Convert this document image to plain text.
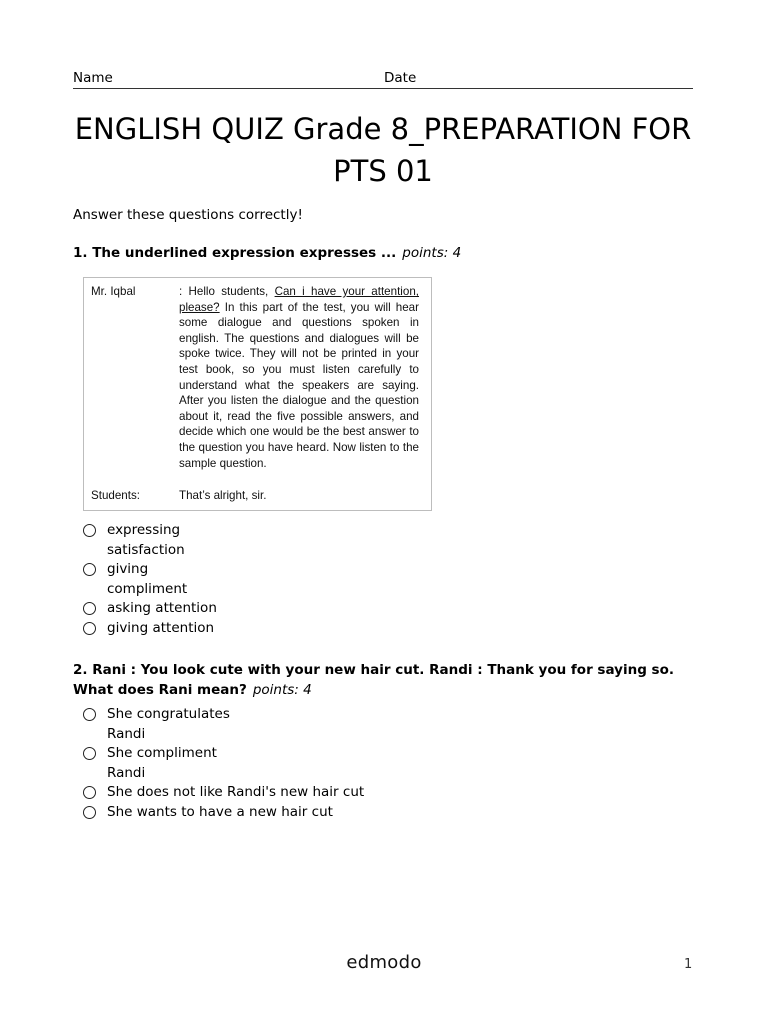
Name	Date
ENGLISH QUIZ Grade 8_PREPARATION FOR PTS 01
Answer these questions correctly!
1. The underlined expression expresses ... points: 4
Mr. Iqbal	: Hello students, Can i have your attention, please? In this part of the test, you will hear some dialogue and questions spoken in english. The questions and dialogues will be spoke twice. They will not be printed in your test book, so you must listen carefully to understand what the speakers are saying. After you listen the dialogue and the question about it, read the five possible answers, and decide which one would be the best answer to the question you have heard. Now listen to the sample question.
Students:	That’s alright, sir.
expressing satisfaction
giving compliment
asking attention
giving attention
2. Rani : You look cute with your new hair cut. Randi : Thank you for saying so. What does Rani mean? points: 4
She congratulates Randi
She compliment Randi
She does not like Randi's new hair cut
She wants to have a new hair cut
edmodo	1
